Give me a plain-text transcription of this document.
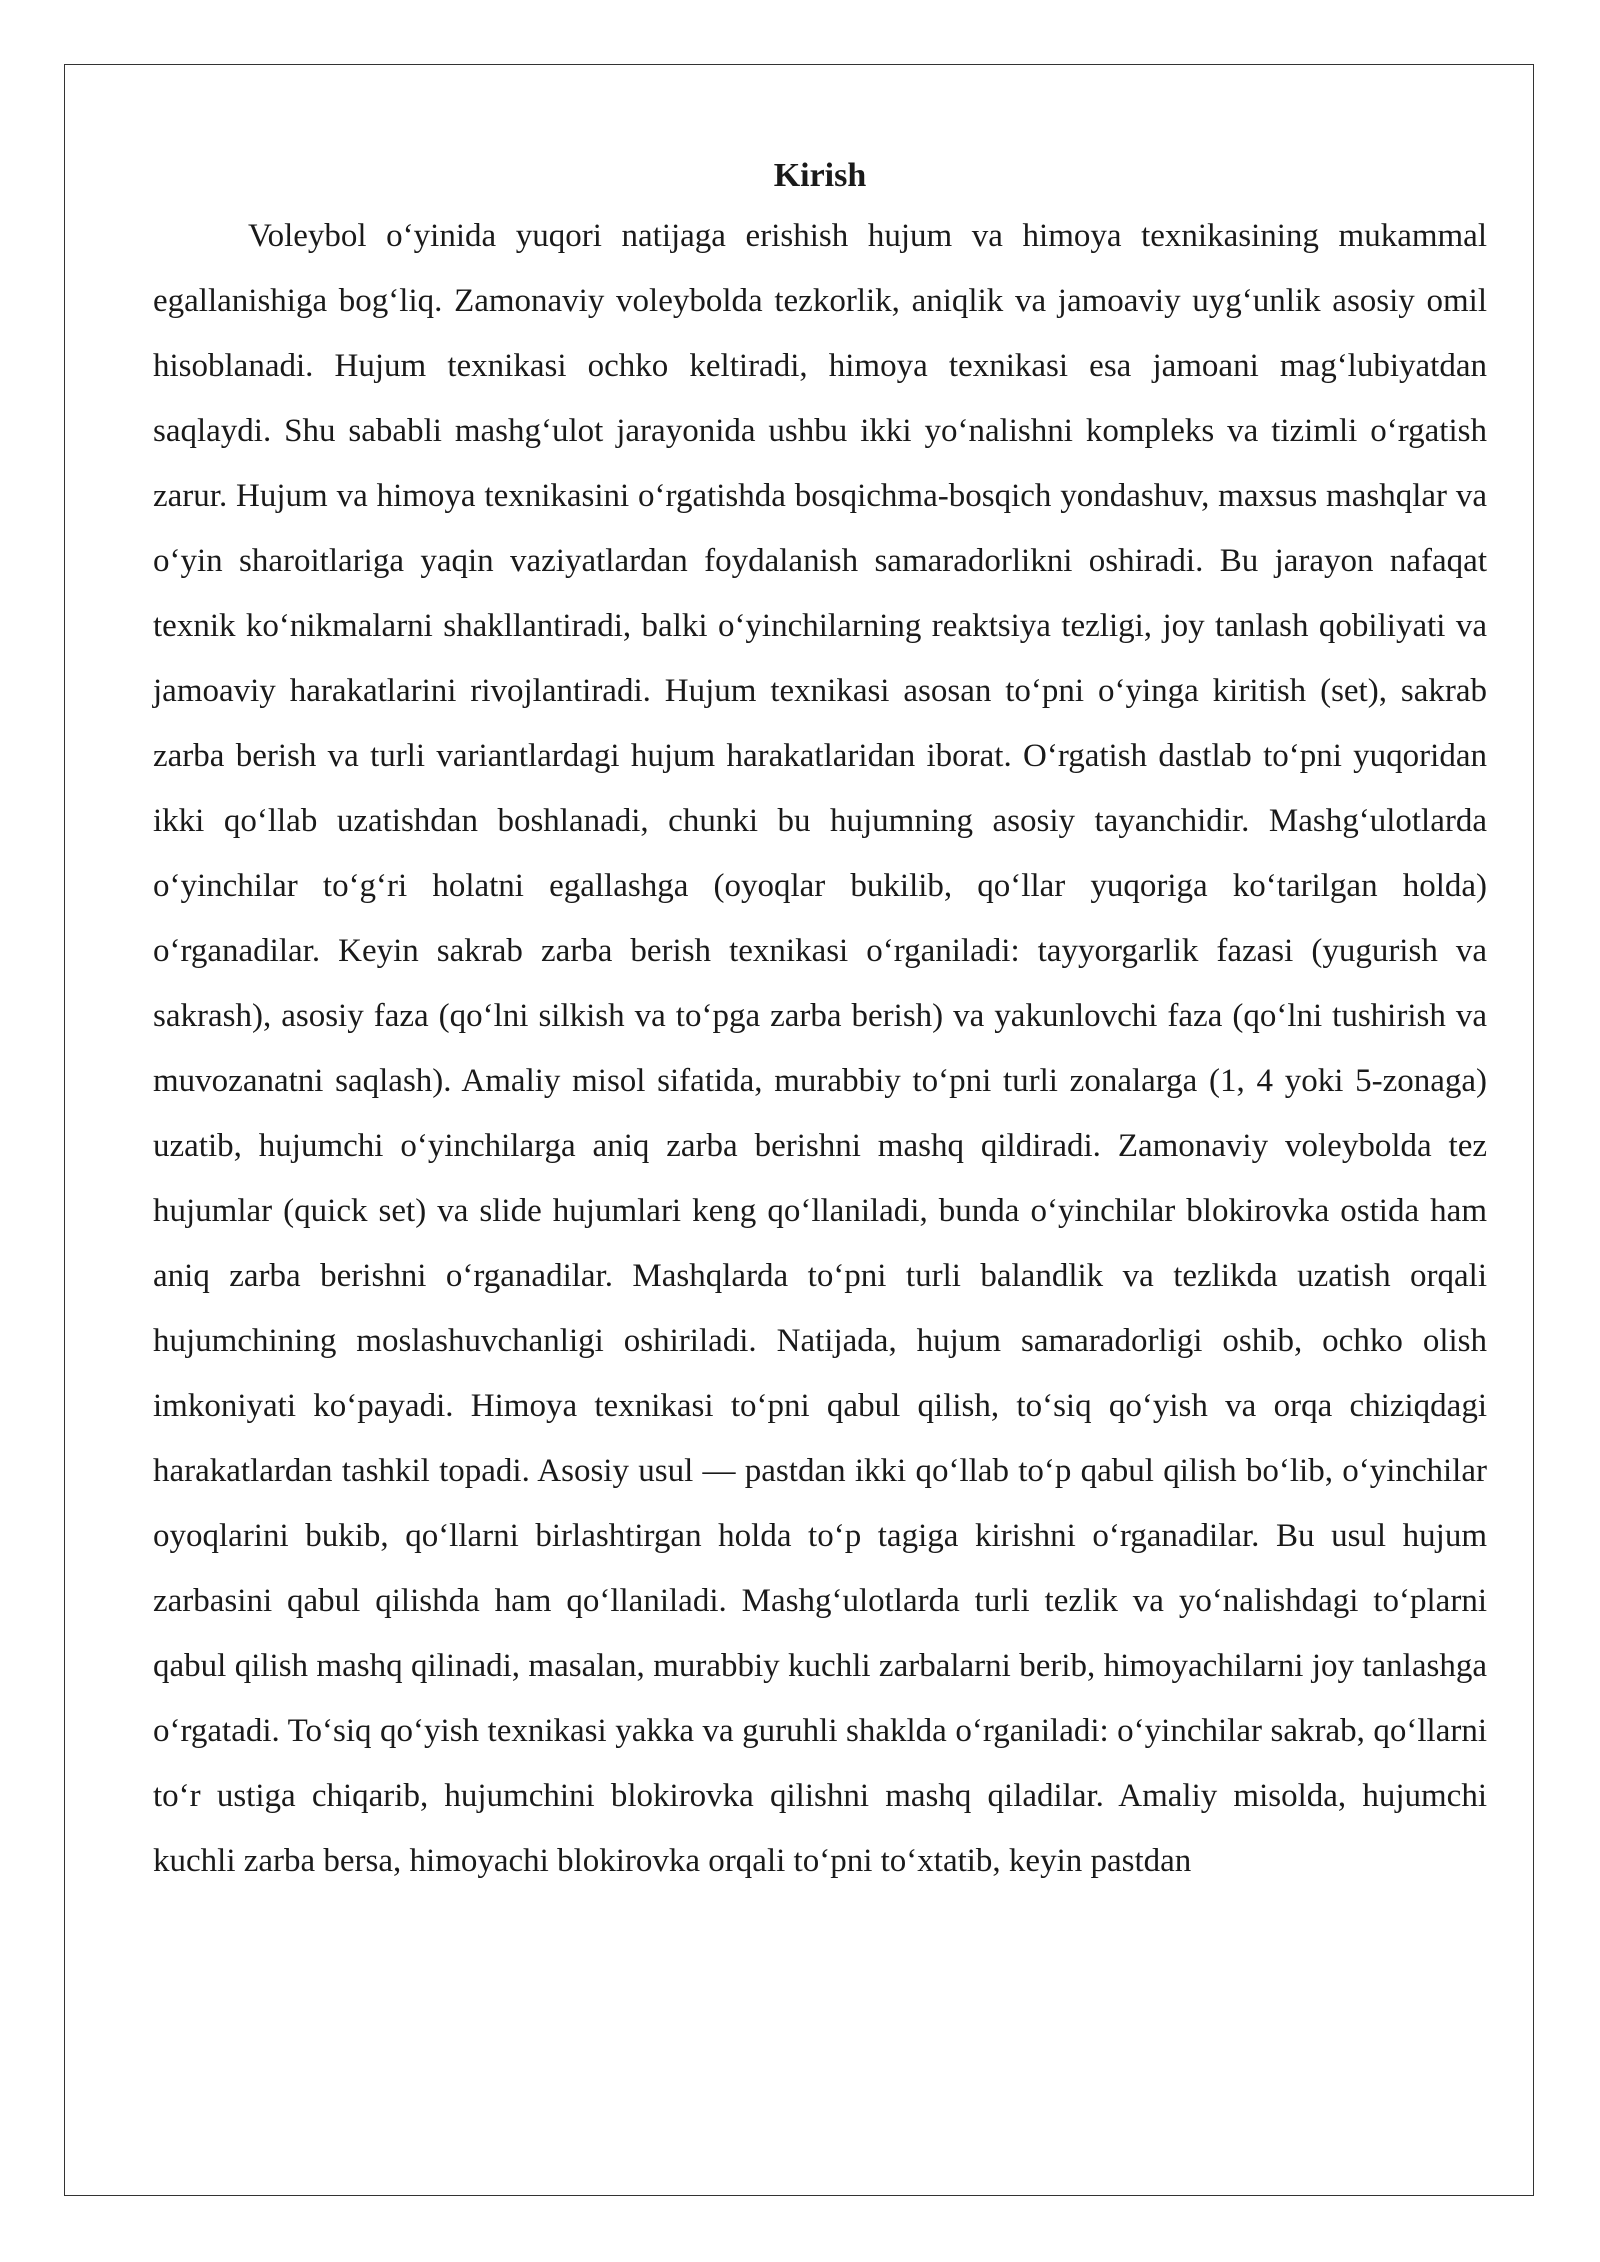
Kirish

Voleybol o‘yinida yuqori natijaga erishish hujum va himoya texnikasining mukammal egallanishiga bog‘liq. Zamonaviy voleybolda tezkorlik, aniqlik va jamoaviy uyg‘unlik asosiy omil hisoblanadi. Hujum texnikasi ochko keltiradi, himoya texnikasi esa jamoani mag‘lubiyatdan saqlaydi. Shu sababli mashg‘ulot jarayonida ushbu ikki yo‘nalishni kompleks va tizimli o‘rgatish zarur. Hujum va himoya texnikasini o‘rgatishda bosqichma-bosqich yondashuv, maxsus mashqlar va o‘yin sharoitlariga yaqin vaziyatlardan foydalanish samaradorlikni oshiradi. Bu jarayon nafaqat texnik ko‘nikmalarni shakllantiradi, balki o‘yinchilarning reaktsiya tezligi, joy tanlash qobiliyati va jamoaviy harakatlarini rivojlantiradi. Hujum texnikasi asosan to‘pni o‘yinga kiritish (set), sakrab zarba berish va turli variantlardagi hujum harakatlaridan iborat. O‘rgatish dastlab to‘pni yuqoridan ikki qo‘llab uzatishdan boshlanadi, chunki bu hujumning asosiy tayanchidir. Mashg‘ulotlarda o‘yinchilar to‘g‘ri holatni egallashga (oyoqlar bukilib, qo‘llar yuqoriga ko‘tarilgan holda) o‘rganadilar. Keyin sakrab zarba berish texnikasi o‘rganiladi: tayyorgarlik fazasi (yugurish va sakrash), asosiy faza (qo‘lni silkish va to‘pga zarba berish) va yakunlovchi faza (qo‘lni tushirish va muvozanatni saqlash). Amaliy misol sifatida, murabbiy to‘pni turli zonalarga (1, 4 yoki 5-zonaga) uzatib, hujumchi o‘yinchilarga aniq zarba berishni mashq qildiradi. Zamonaviy voleybolda tez hujumlar (quick set) va slide hujumlari keng qo‘llaniladi, bunda o‘yinchilar blokirovka ostida ham aniq zarba berishni o‘rganadilar. Mashqlarda to‘pni turli balandlik va tezlikda uzatish orqali hujumchining moslashuvchanligi oshiriladi. Natijada, hujum samaradorligi oshib, ochko olish imkoniyati ko‘payadi. Himoya texnikasi to‘pni qabul qilish, to‘siq qo‘yish va orqa chiziqdagi harakatlardan tashkil topadi. Asosiy usul — pastdan ikki qo‘llab to‘p qabul qilish bo‘lib, o‘yinchilar oyoqlarini bukib, qo‘llarni birlashtirgan holda to‘p tagiga kirishni o‘rganadilar. Bu usul hujum zarbasini qabul qilishda ham qo‘llaniladi. Mashg‘ulotlarda turli tezlik va yo‘nalishdagi to‘plarni qabul qilish mashq qilinadi, masalan, murabbiy kuchli zarbalarni berib, himoyachilarni joy tanlashga o‘rgatadi. To‘siq qo‘yish texnikasi yakka va guruhli shaklda o‘rganiladi: o‘yinchilar sakrab, qo‘llarni to‘r ustiga chiqarib, hujumchini blokirovka qilishni mashq qiladilar. Amaliy misolda, hujumchi kuchli zarba bersa, himoyachi blokirovka orqali to‘pni to‘xtatib, keyin pastdan
